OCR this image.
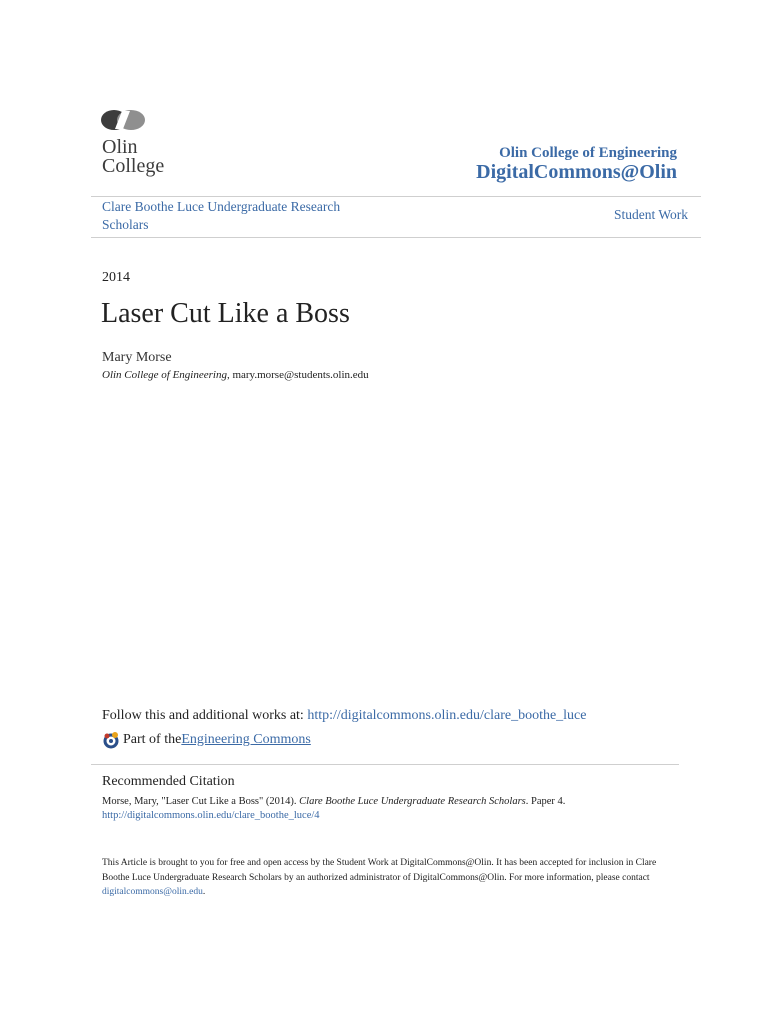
Olin
College
Olin College of Engineering
DigitalCommons@Olin
Clare Boothe Luce Undergraduate Research Scholars
Student Work
2014
Laser Cut Like a Boss
Mary Morse
Olin College of Engineering, mary.morse@students.olin.edu
Follow this and additional works at: http://digitalcommons.olin.edu/clare_boothe_luce
Part of the Engineering Commons
Recommended Citation
Morse, Mary, "Laser Cut Like a Boss" (2014). Clare Boothe Luce Undergraduate Research Scholars. Paper 4.
http://digitalcommons.olin.edu/clare_boothe_luce/4
This Article is brought to you for free and open access by the Student Work at DigitalCommons@Olin. It has been accepted for inclusion in Clare Boothe Luce Undergraduate Research Scholars by an authorized administrator of DigitalCommons@Olin. For more information, please contact digitalcommons@olin.edu.
